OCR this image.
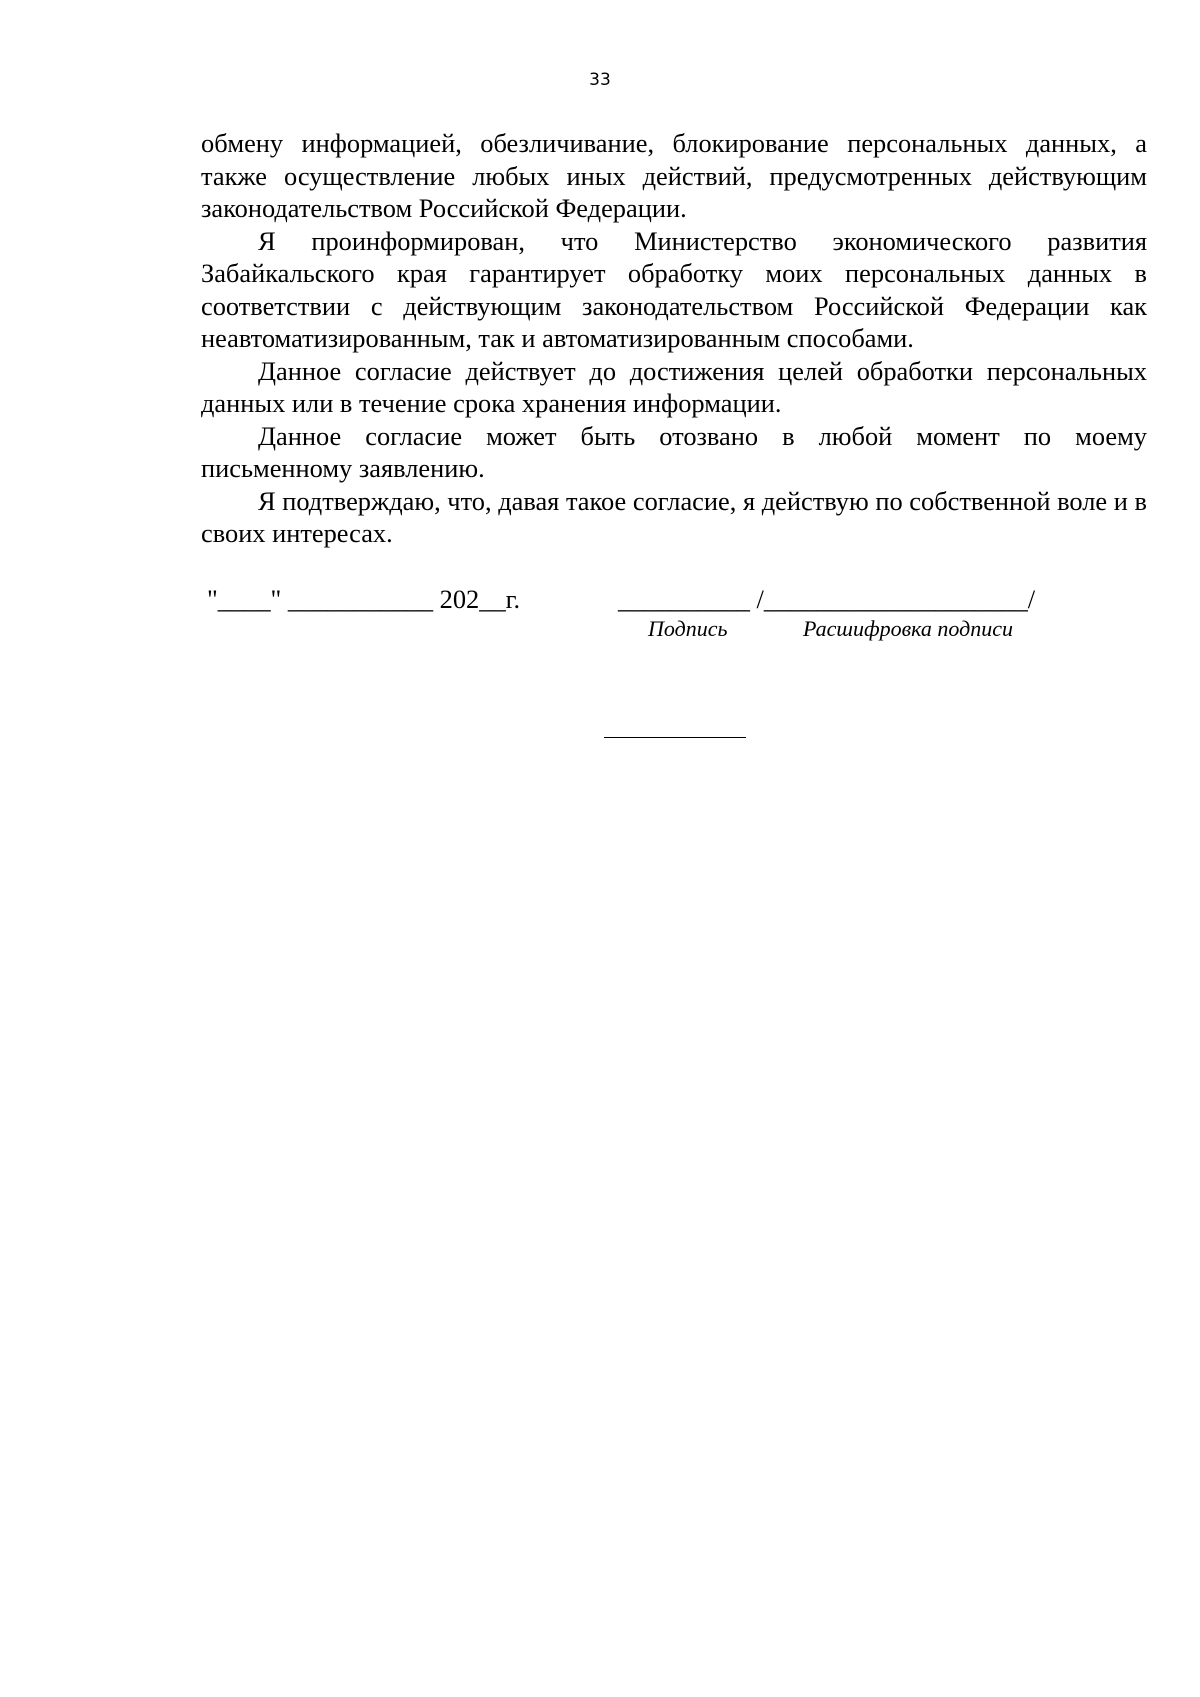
33

обмену информацией, обезличивание, блокирование персональных данных, а также осуществление любых иных действий, предусмотренных действующим законодательством Российской Федерации.

Я проинформирован, что Министерство экономического развития Забайкальского края гарантирует обработку моих персональных данных в соответствии с действующим законодательством Российской Федерации как неавтоматизированным, так и автоматизированным способами.

Данное согласие действует до достижения целей обработки персональных данных или в течение срока хранения информации.

Данное согласие может быть отозвано в любой момент по моему письменному заявлению.

Я подтверждаю, что, давая такое согласие, я действую по собственной воле и в своих интересах.

"____" ___________ 202__г.	__________ /____________________/
Подпись	Расшифровка подписи
